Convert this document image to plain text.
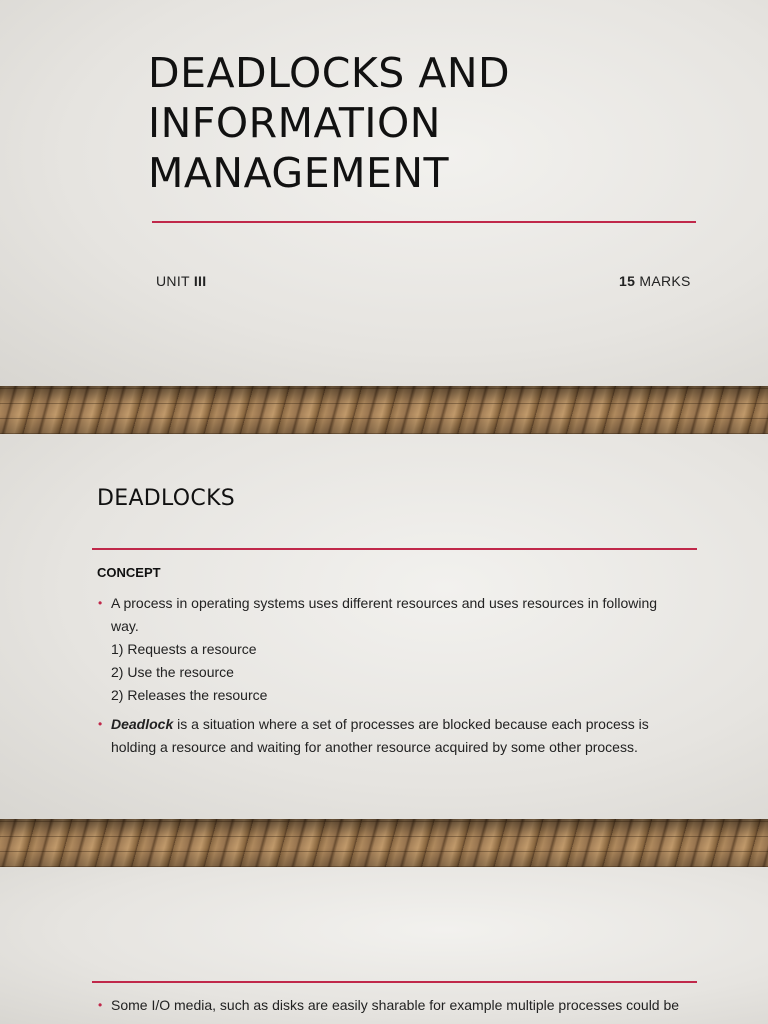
DEADLOCKS AND
INFORMATION
MANAGEMENT
UNIT III	15 MARKS
DEADLOCKS
CONCEPT
• A process in operating systems uses different resources and uses resources in following
way.
1) Requests a resource
2) Use the resource
2) Releases the resource
• Deadlock is a situation where a set of processes are blocked because each process is
holding a resource and waiting for another resource acquired by some other process.
• Some I/O media, such as disks are easily sharable for example multiple processes could be
